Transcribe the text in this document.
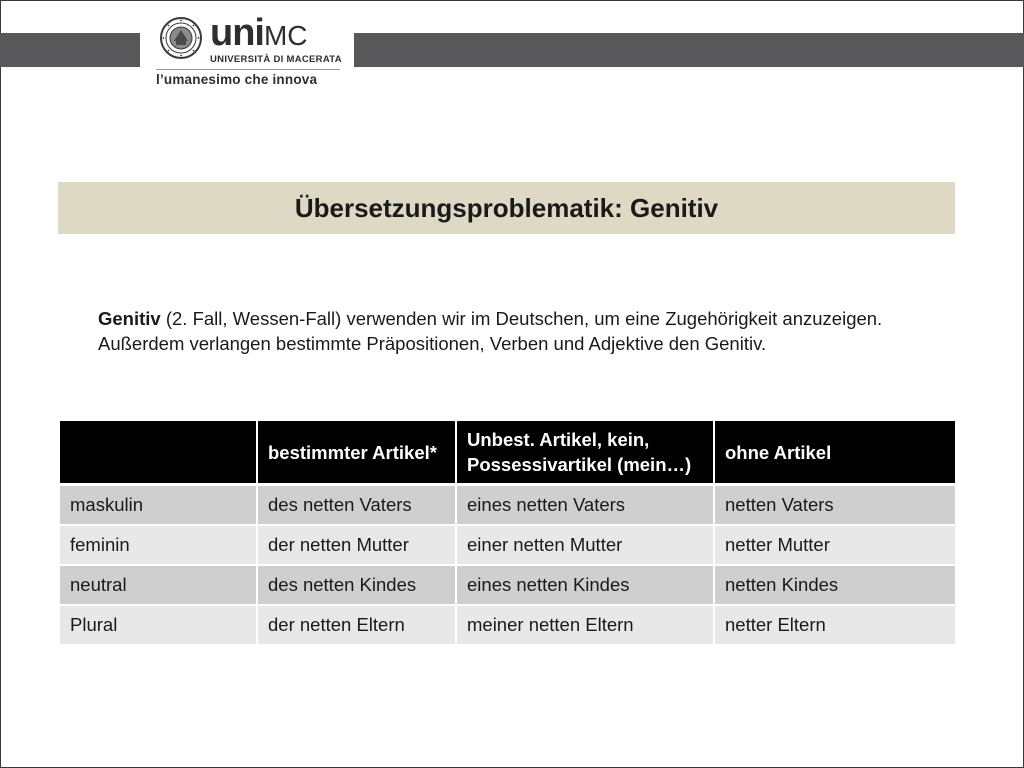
uniMC
UNIVERSITÀ DI MACERATA
l’umanesimo che innova
Übersetzungsproblematik: Genitiv
Genitiv (2. Fall, Wessen-Fall) verwenden wir im Deutschen, um eine Zugehörigkeit anzuzeigen. Außerdem verlangen bestimmte Präpositionen, Verben und Adjektive den Genitiv.
	bestimmter Artikel*	Unbest. Artikel, kein, Possessivartikel (mein…)	ohne Artikel
maskulin	des netten Vaters	eines netten Vaters	netten Vaters
feminin	der netten Mutter	einer netten Mutter	netter Mutter
neutral	des netten Kindes	eines netten Kindes	netten Kindes
Plural	der netten Eltern	meiner netten Eltern	netter Eltern
